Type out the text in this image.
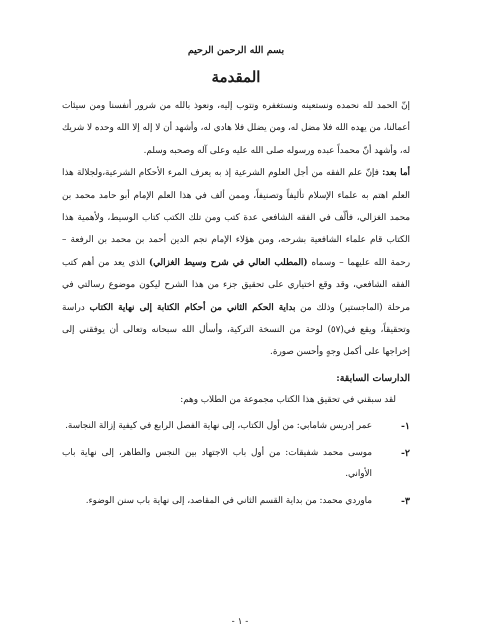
بسم الله الرحمن الرحيم
المقدمة

إنّ الحمد لله نحمده ونستعينه ونستغفره ونتوب إليه، ونعوذ بالله من شرور أنفسنا ومن سيئات أعمالنا، من يهده الله فلا مضل له، ومن يضلل فلا هادي له، وأشهد أن لا إله إلا الله وحده لا شريك له، وأشهد أنّ محمداً عبده ورسوله صلى الله عليه وعلى آله وصحبه وسلم.

أما بعد: فإنّ علم الفقه من أجل العلوم الشرعية إذ به يعرف المرء الأحكام الشرعية،ولجلالة هذا العلم اهتم به علماء الإسلام تأليفاً وتصنيفاً، وممن ألف في هذا العلم الإمام أبو حامد محمد بن محمد الغزالي، فألّف في الفقه الشافعي عدة كتب ومن تلك الكتب كتاب الوسيط، ولأهمية هذا الكتاب قام علماء الشافعية بشرحه، ومن هؤلاء الإمام نجم الدين أحمد بن محمد بن الرفعة – رحمة الله عليهما – وسماه (المطلب العالي في شرح وسيط الغزالي) الذي يعد من أهم كتب الفقه الشافعي، وقد وقع اختياري على تحقيق جزء من هذا الشرح ليكون موضوع رسالتي في مرحلة (الماجستير) وذلك من بداية الحكم الثاني من أحكام الكتابة إلى نهاية الكتاب دراسة وتحقيقاً، ويقع في(٥٧) لوحة من النسخة التركية، وأسأل الله سبحانه وتعالى أن يوفقني إلى إخراجها على أكمل وجهٍ وأحسن صورة.

الدارسات السابقة:
لقد سبقني في تحقيق هذا الكتاب مجموعة من الطلاب وهم:
١-
عمر إدريس شامابي: من أول الكتاب، إلى نهاية الفصل الرابع في كيفية إزالة النجاسة.
٢-
موسى محمد شفيقات: من أول باب الاجتهاد بين النجس والطاهر، إلى نهاية باب الأواني.
٣-
ماوردي محمد: من بداية القسم الثاني في المقاصد، إلى نهاية باب سنن الوضوء.
- ١ -
